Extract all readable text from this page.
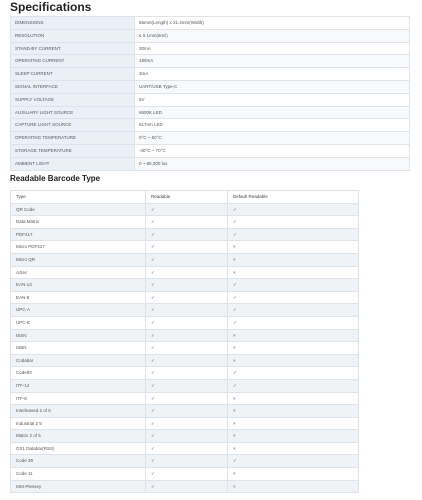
Specifications
DIMENSIONS	55mm(Length) x 21.4mm(Width)
RESOLUTION	≤ 0.1mm(6mil)
STAND-BY CURRENT	30mA
OPERATING CURRENT	180mA
SLEEP CURRENT	3mA
SIGNAL INTERFACE	UART/USB Type-C
SUPPLY VOLTAGE	5V
AUXILIARY LIGHT SOURCE	6500K LED
CAPTURE LIGHT SOURCE	617nm LED
OPERATING TEMPERATURE	0°C ~ 50°C
STORAGE TEMPERATURE	-40°C ~ 70°C
AMBIENT LIGHT	0 ~ 86,000 lux
Readable Barcode Type
Type	Readable	Default Readable
QR Code	✓	✓
Data Matrix	✓	✓
PDF417	✓	✓
Micro PDF417	✓	×
Micro QR	✓	×
Aztec	✓	×
EAN-13	✓	✓
EAN-8	✓	✓
UPC-A	✓	✓
UPC-E	✓	✓
ISSN	✓	×
ISBN	✓	×
Codabar	✓	×
Code93	✓	✓
ITF-14	✓	✓
ITF-6	✓	×
Interleaved 2 of 5	✓	×
Industrial 2 5	✓	×
Matrix 2 of 5	✓	×
GS1 Databar(RSS)	✓	×
Code 39	✓	✓
Code 11	✓	×
MSI-Plessey	✓	×
